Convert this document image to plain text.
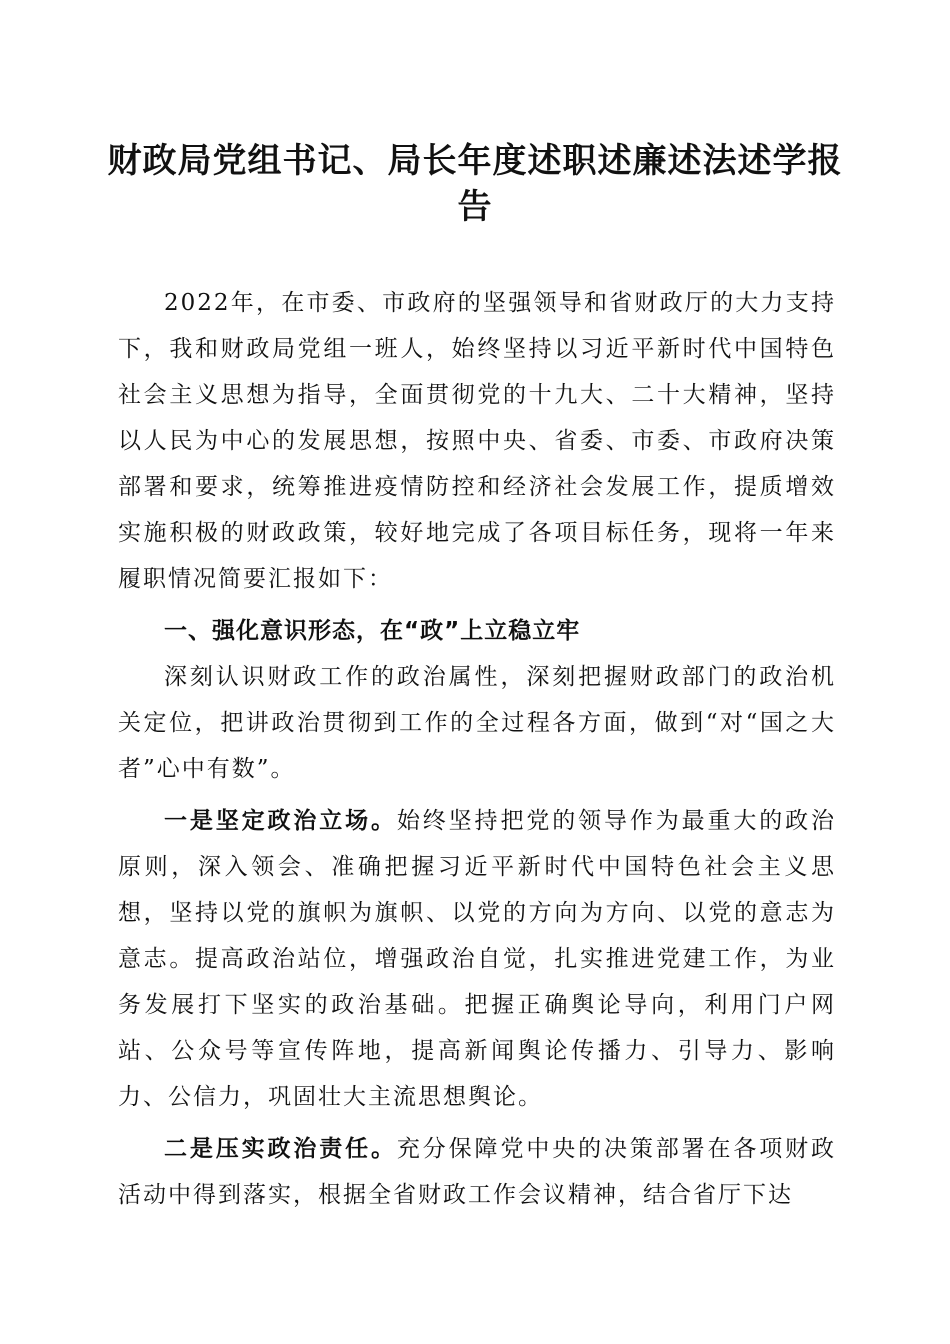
财政局党组书记、局长年度述职述廉述法述学报告

2022年，在市委、市政府的坚强领导和省财政厅的大力支持下，我和财政局党组一班人，始终坚持以习近平新时代中国特色社会主义思想为指导，全面贯彻党的十九大、二十大精神，坚持以人民为中心的发展思想，按照中央、省委、市委、市政府决策部署和要求，统筹推进疫情防控和经济社会发展工作，提质增效实施积极的财政政策，较好地完成了各项目标任务，现将一年来履职情况简要汇报如下：

一、强化意识形态，在“政”上立稳立牢

深刻认识财政工作的政治属性，深刻把握财政部门的政治机关定位，把讲政治贯彻到工作的全过程各方面，做到“对“国之大者”心中有数”。

一是坚定政治立场。始终坚持把党的领导作为最重大的政治原则，深入领会、准确把握习近平新时代中国特色社会主义思想，坚持以党的旗帜为旗帜、以党的方向为方向、以党的意志为意志。提高政治站位，增强政治自觉，扎实推进党建工作，为业务发展打下坚实的政治基础。把握正确舆论导向，利用门户网站、公众号等宣传阵地，提高新闻舆论传播力、引导力、影响力、公信力，巩固壮大主流思想舆论。

二是压实政治责任。充分保障党中央的决策部署在各项财政活动中得到落实，根据全省财政工作会议精神，结合省厅下达
